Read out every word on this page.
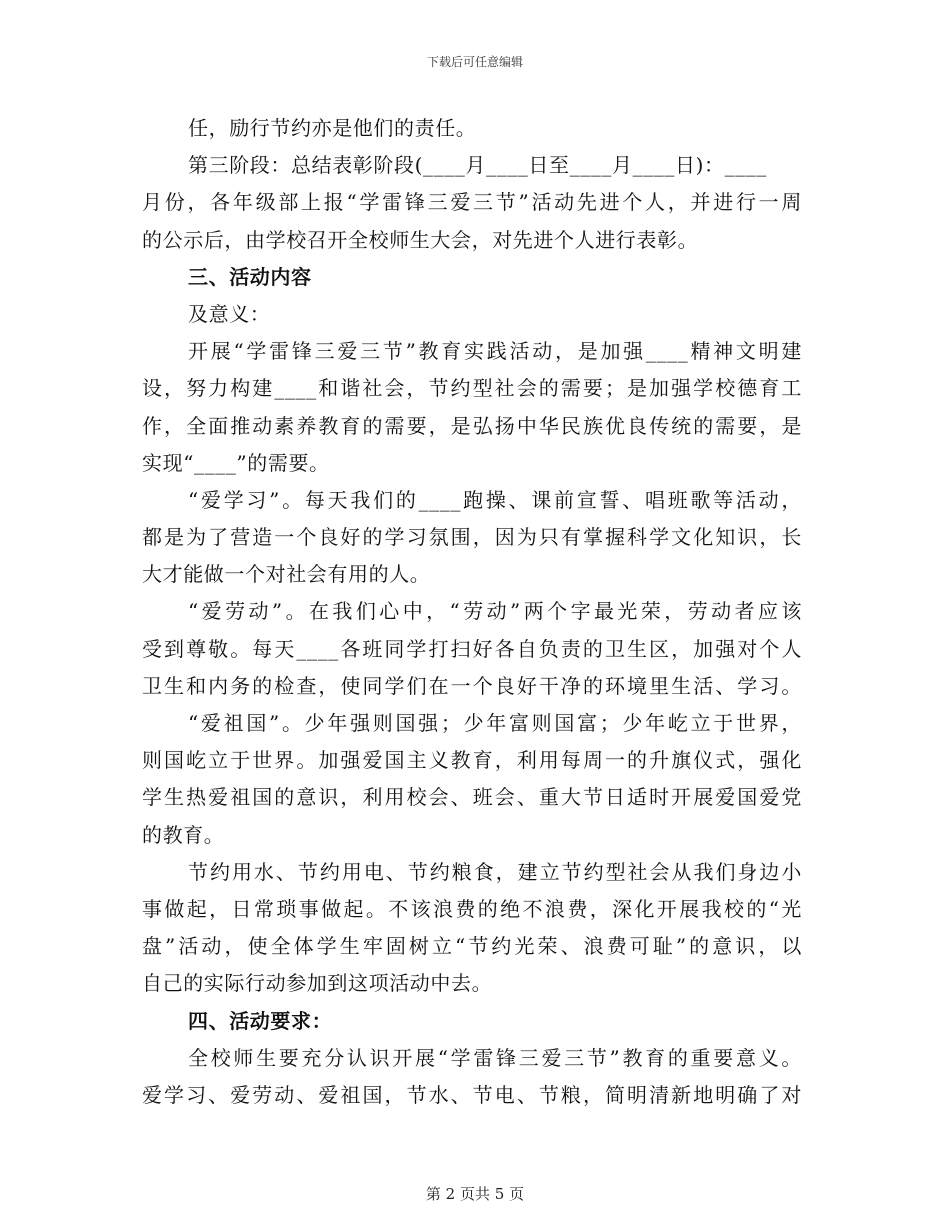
下载后可任意编辑
任，励行节约亦是他们的责任。
第三阶段：总结表彰阶段(____月____日至____月____日)：____
月份，各年级部上报“学雷锋三爱三节”活动先进个人，并进行一周
的公示后，由学校召开全校师生大会，对先进个人进行表彰。
三、活动内容
及意义：
开展“学雷锋三爱三节”教育实践活动，是加强____精神文明建
设，努力构建____和谐社会，节约型社会的需要；是加强学校德育工
作，全面推动素养教育的需要，是弘扬中华民族优良传统的需要，是
实现“____”的需要。
“爱学习”。每天我们的____跑操、课前宣誓、唱班歌等活动，
都是为了营造一个良好的学习氛围，因为只有掌握科学文化知识，长
大才能做一个对社会有用的人。
“爱劳动”。在我们心中，“劳动”两个字最光荣，劳动者应该
受到尊敬。每天____各班同学打扫好各自负责的卫生区，加强对个人
卫生和内务的检查，使同学们在一个良好干净的环境里生活、学习。
“爱祖国”。少年强则国强；少年富则国富；少年屹立于世界，
则国屹立于世界。加强爱国主义教育，利用每周一的升旗仪式，强化
学生热爱祖国的意识，利用校会、班会、重大节日适时开展爱国爱党
的教育。
节约用水、节约用电、节约粮食，建立节约型社会从我们身边小
事做起，日常琐事做起。不该浪费的绝不浪费，深化开展我校的“光
盘”活动，使全体学生牢固树立“节约光荣、浪费可耻”的意识，以
自己的实际行动参加到这项活动中去。
四、活动要求：
全校师生要充分认识开展“学雷锋三爱三节”教育的重要意义。
爱学习、爱劳动、爱祖国，节水、节电、节粮，简明清新地明确了对
第 2 页共 5 页
